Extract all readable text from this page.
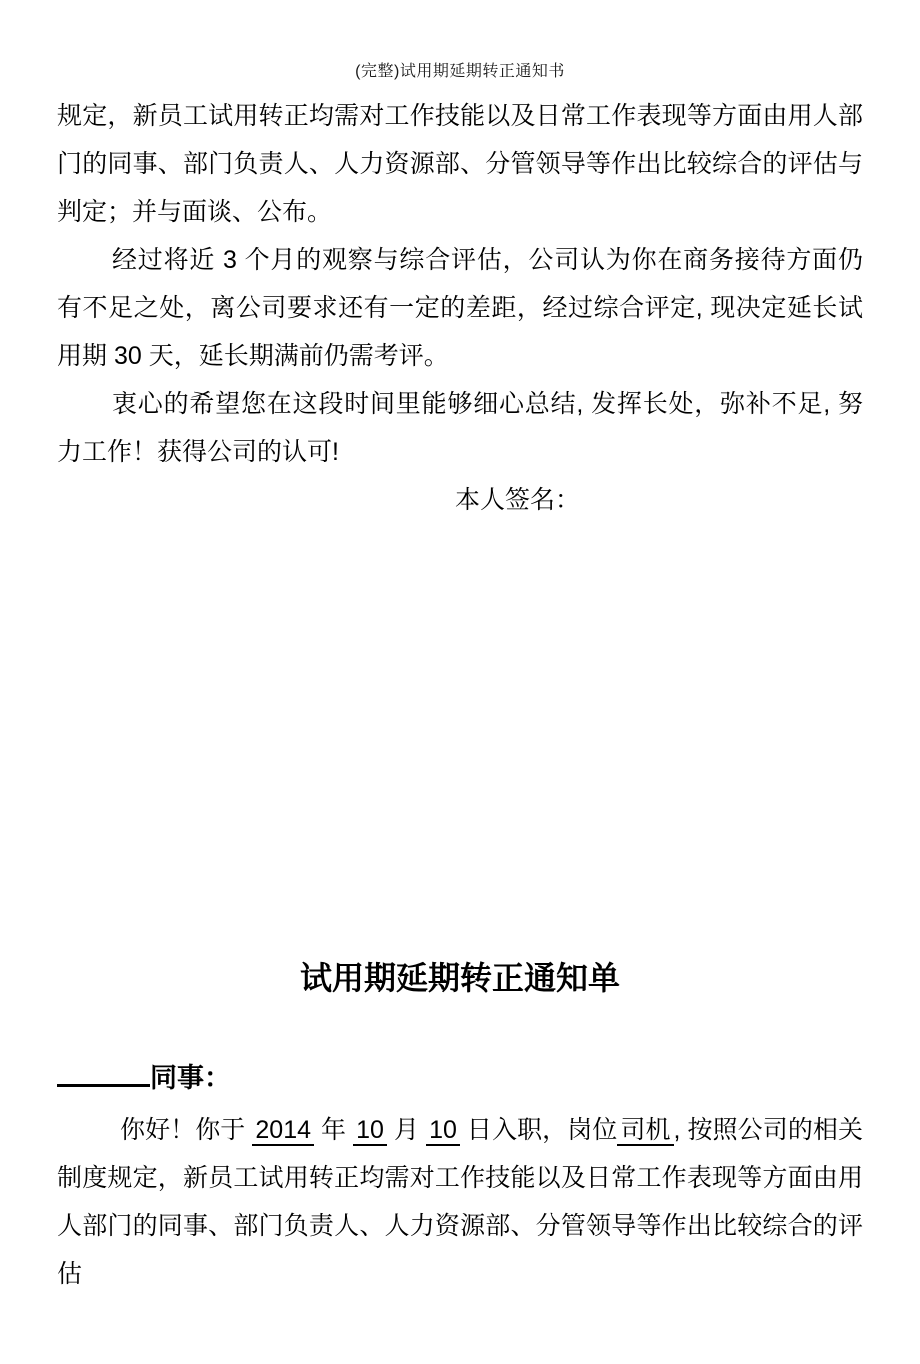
(完整)试用期延期转正通知书

规定，新员工试用转正均需对工作技能以及日常工作表现等方面由用人部门的同事、部门负责人、人力资源部、分管领导等作出比较综合的评估与判定；并与面谈、公布。

经过将近 3 个月的观察与综合评估，公司认为你在商务接待方面仍有不足之处，离公司要求还有一定的差距，经过综合评定, 现决定延长试用期 30 天，延长期满前仍需考评。

衷心的希望您在这段时间里能够细心总结, 发挥长处，弥补不足, 努力工作！获得公司的认可!

本人签名：

试用期延期转正通知单

同事：

你好！你于 2014 年 10 月 10 日入职，岗位 司机 , 按照公司的相关制度规定，新员工试用转正均需对工作技能以及日常工作表现等方面由用人部门的同事、部门负责人、人力资源部、分管领导等作出比较综合的评估
